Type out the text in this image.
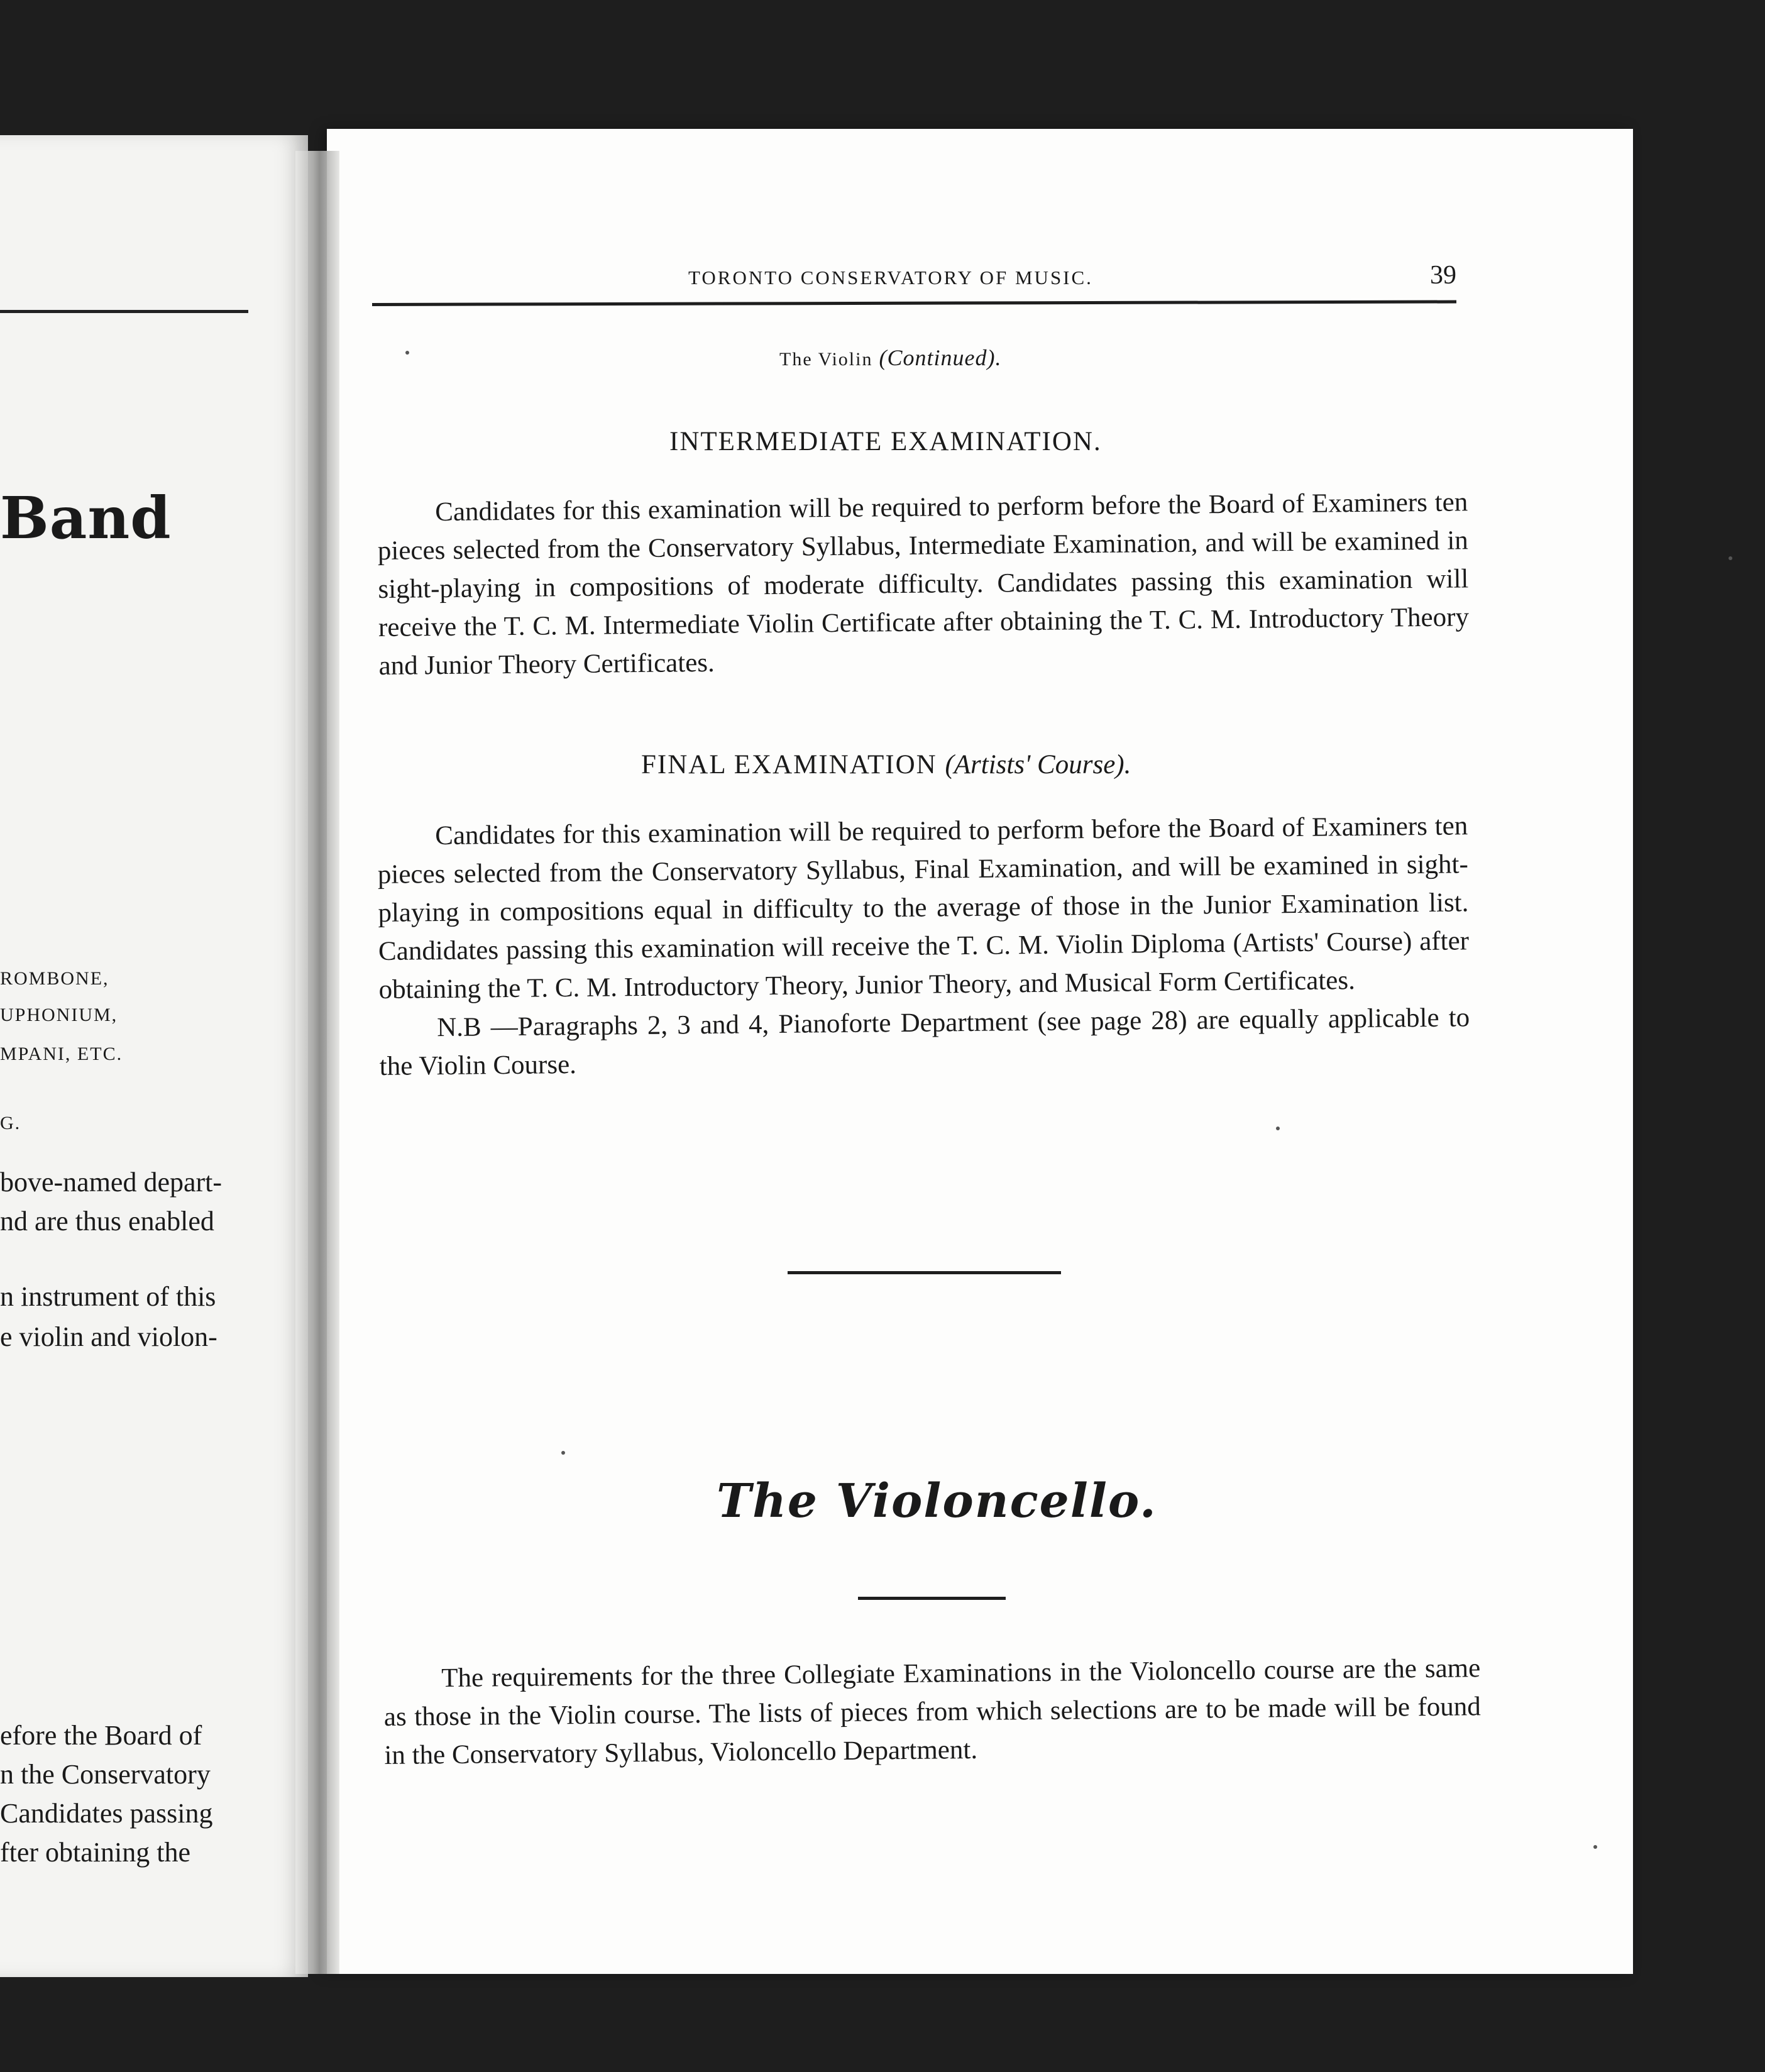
Band
ROMBONE,
UPHONIUM,
MPANI, ETC.
G.
bove-named depart-
nd are thus enabled
n instrument of this
e violin and violon-
efore the Board of
n the Conservatory
Candidates passing
fter obtaining the
TORONTO CONSERVATORY OF MUSIC.	39
The Violin (Continued).
INTERMEDIATE EXAMINATION.

Candidates for this examination will be required to perform before the Board of Examiners ten pieces selected from the Conservatory Syllabus, Intermediate Examination, and will be examined in sight-playing in compositions of moderate difficulty. Candidates passing this examination will receive the T. C. M. Intermediate Violin Certificate after obtaining the T. C. M. Introductory Theory and Junior Theory Certificates.

FINAL EXAMINATION (Artists' Course).

Candidates for this examination will be required to perform before the Board of Examiners ten pieces selected from the Conservatory Syllabus, Final Examination, and will be examined in sight-playing in compositions equal in difficulty to the average of those in the Junior Examination list. Candidates passing this examination will receive the T. C. M. Violin Diploma (Artists' Course) after obtaining the T. C. M. Introductory Theory, Junior Theory, and Musical Form Certificates.

N.B —Paragraphs 2, 3 and 4, Pianoforte Department (see page 28) are equally applicable to the Violin Course.

The Violoncello.

The requirements for the three Collegiate Examinations in the Violoncello course are the same as those in the Violin course. The lists of pieces from which selections are to be made will be found in the Conservatory Syllabus, Violoncello Department.
